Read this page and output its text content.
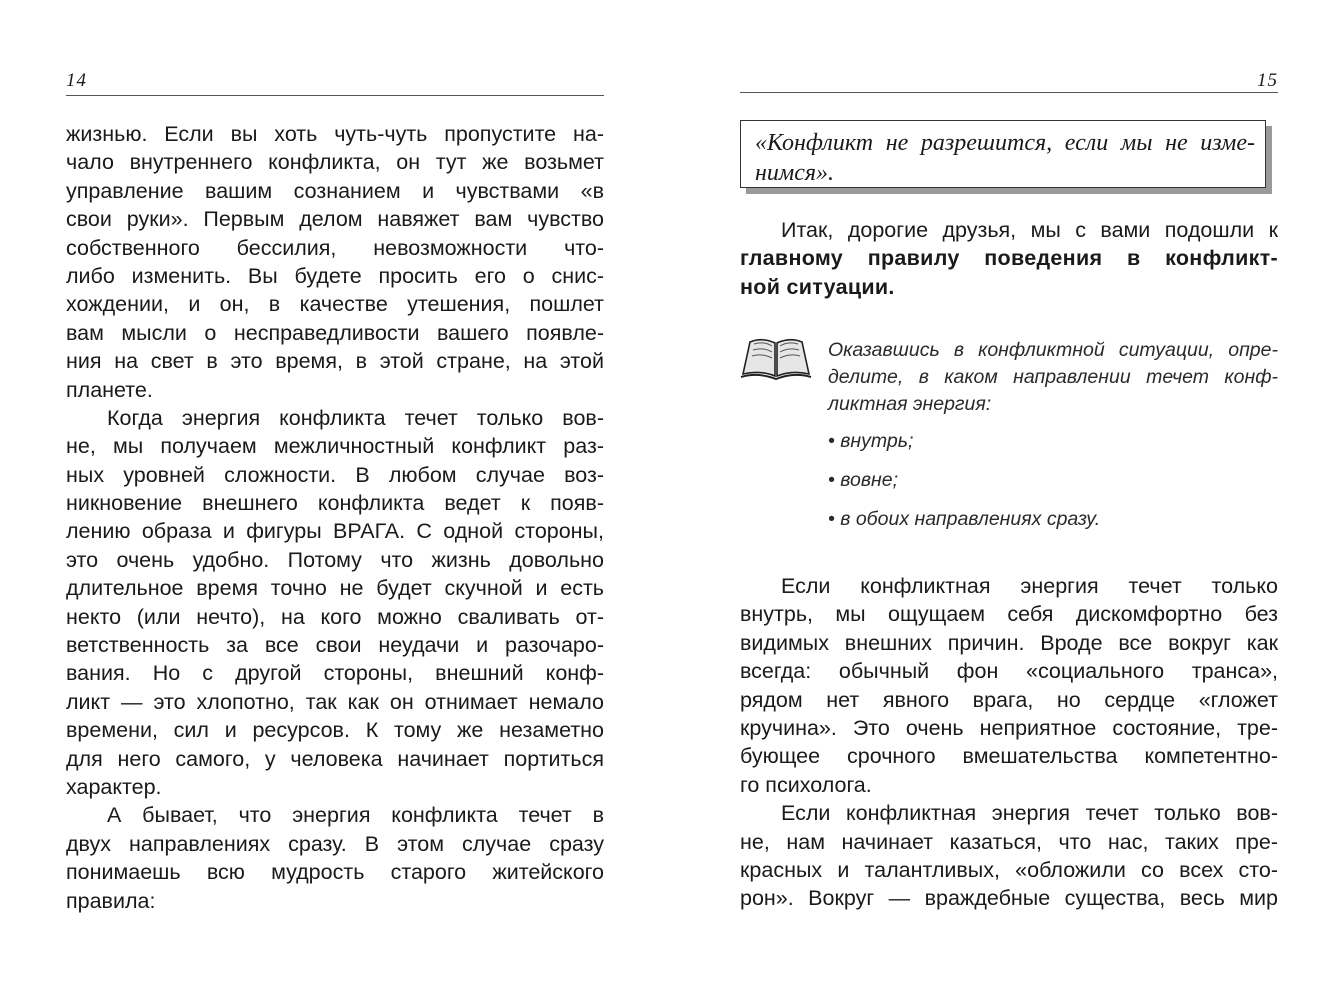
14
жизнью. Если вы хоть чуть-чуть пропустите на-
чало внутреннего конфликта, он тут же возьмет
управление вашим сознанием и чувствами «в
свои руки». Первым делом навяжет вам чувство
собственного бессилия, невозможности что-
либо изменить. Вы будете просить его о снис-
хождении, и он, в качестве утешения, пошлет
вам мысли о несправедливости вашего появле-
ния на свет в это время, в этой стране, на этой
планете.
Когда энергия конфликта течет только вов-
не, мы получаем межличностный конфликт раз-
ных уровней сложности. В любом случае воз-
никновение внешнего конфликта ведет к появ-
лению образа и фигуры ВРАГА. С одной стороны,
это очень удобно. Потому что жизнь довольно
длительное время точно не будет скучной и есть
некто (или нечто), на кого можно сваливать от-
ветственность за все свои неудачи и разочаро-
вания. Но с другой стороны, внешний конф-
ликт — это хлопотно, так как он отнимает немало
времени, сил и ресурсов. К тому же незаметно
для него самого, у человека начинает портиться
характер.
А бывает, что энергия конфликта течет в
двух направлениях сразу. В этом случае сразу
понимаешь всю мудрость старого житейского
правила:
15
«Конфликт не разрешится, если мы не изме-
нимся».
Итак, дорогие друзья, мы с вами подошли к
главному правилу поведения в конфликт-
ной ситуации.
Оказавшись в конфликтной ситуации, опре-
делите, в каком направлении течет конф-
ликтная энергия:
• внутрь;
• вовне;
• в обоих направлениях сразу.
Если конфликтная энергия течет только
внутрь, мы ощущаем себя дискомфортно без
видимых внешних причин. Вроде все вокруг как
всегда: обычный фон «социального транса»,
рядом нет явного врага, но сердце «гложет
кручина». Это очень неприятное состояние, тре-
бующее срочного вмешательства компетентно-
го психолога.
Если конфликтная энергия течет только вов-
не, нам начинает казаться, что нас, таких пре-
красных и талантливых, «обложили со всех сто-
рон». Вокруг — враждебные существа, весь мир
